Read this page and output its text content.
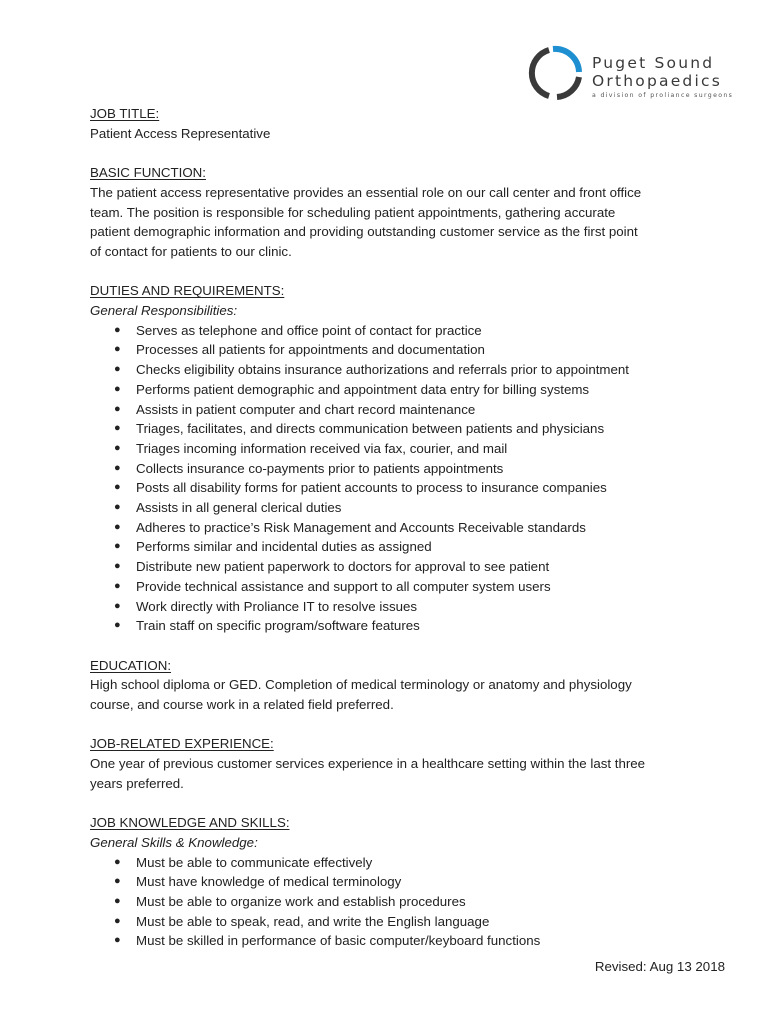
Puget Sound
Orthopaedics
a division of proliance surgeons
JOB TITLE:
Patient Access Representative
BASIC FUNCTION:
The patient access representative provides an essential role on our call center and front office
team. The position is responsible for scheduling patient appointments, gathering accurate
patient demographic information and providing outstanding customer service as the first point
of contact for patients to our clinic.
DUTIES AND REQUIREMENTS:
General Responsibilities:
● Serves as telephone and office point of contact for practice
● Processes all patients for appointments and documentation
● Checks eligibility obtains insurance authorizations and referrals prior to appointment
● Performs patient demographic and appointment data entry for billing systems
● Assists in patient computer and chart record maintenance
● Triages, facilitates, and directs communication between patients and physicians
● Triages incoming information received via fax, courier, and mail
● Collects insurance co-payments prior to patients appointments
● Posts all disability forms for patient accounts to process to insurance companies
● Assists in all general clerical duties
● Adheres to practice’s Risk Management and Accounts Receivable standards
● Performs similar and incidental duties as assigned
● Distribute new patient paperwork to doctors for approval to see patient
● Provide technical assistance and support to all computer system users
● Work directly with Proliance IT to resolve issues
● Train staff on specific program/software features
EDUCATION:
High school diploma or GED. Completion of medical terminology or anatomy and physiology
course, and course work in a related field preferred.
JOB-RELATED EXPERIENCE:
One year of previous customer services experience in a healthcare setting within the last three
years preferred.
JOB KNOWLEDGE AND SKILLS:
General Skills & Knowledge:
● Must be able to communicate effectively
● Must have knowledge of medical terminology
● Must be able to organize work and establish procedures
● Must be able to speak, read, and write the English language
● Must be skilled in performance of basic computer/keyboard functions
Revised: Aug 13 2018
